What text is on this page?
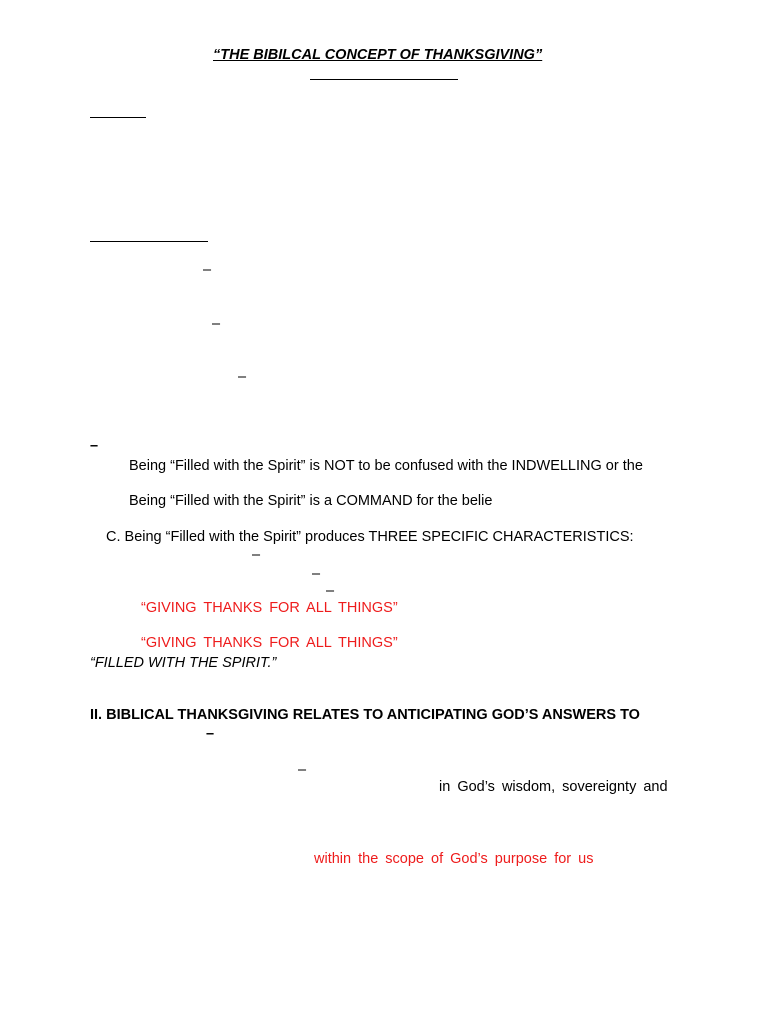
“THE BIBILCAL CONCEPT OF THANKSGIVING”
–
–
–
–
Being “Filled with the Spirit” is NOT to be confused with the INDWELLING or the
Being “Filled with the Spirit” is a COMMAND for the belie
C. Being “Filled with the Spirit” produces THREE SPECIFIC CHARACTERISTICS:
–
–
–
“GIVING THANKS FOR ALL THINGS”
“GIVING THANKS FOR ALL THINGS”
“FILLED WITH THE SPIRIT.”
II. BIBLICAL THANKSGIVING RELATES TO ANTICIPATING GOD’S ANSWERS TO
–
–
in God’s wisdom, sovereignty and
within the scope of God’s purpose for us
